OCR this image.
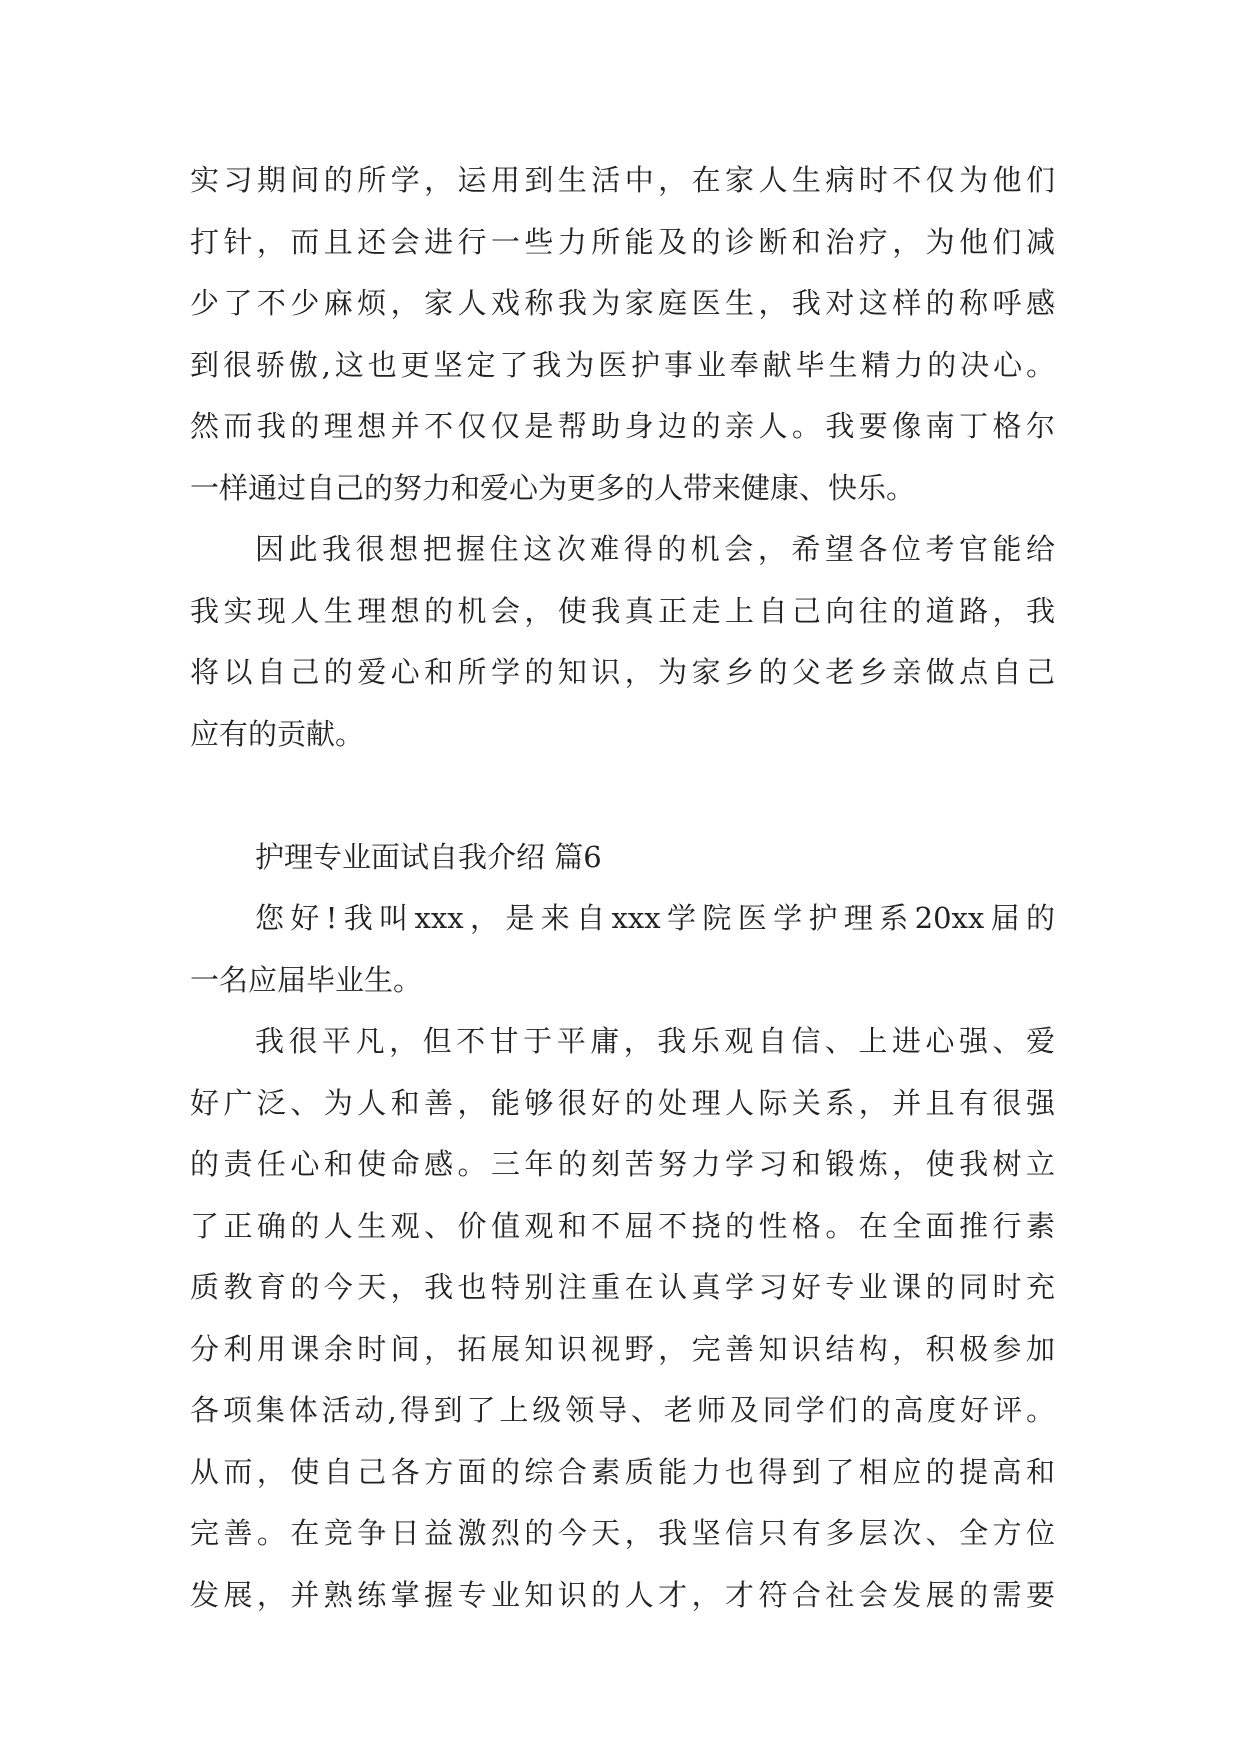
实习期间的所学，运用到生活中，在家人生病时不仅为他们
打针，而且还会进行一些力所能及的诊断和治疗，为他们减
少了不少麻烦，家人戏称我为家庭医生，我对这样的称呼感
到很骄傲,这也更坚定了我为医护事业奉献毕生精力的决心。
然而我的理想并不仅仅是帮助身边的亲人。我要像南丁格尔
一样通过自己的努力和爱心为更多的人带来健康、快乐。
因此我很想把握住这次难得的机会，希望各位考官能给
我实现人生理想的机会，使我真正走上自己向往的道路，我
将以自己的爱心和所学的知识，为家乡的父老乡亲做点自己
应有的贡献。
护理专业面试自我介绍 篇6
您好!我叫xxx，是来自xxx学院医学护理系20xx届的
一名应届毕业生。
我很平凡，但不甘于平庸，我乐观自信、上进心强、爱
好广泛、为人和善，能够很好的处理人际关系，并且有很强
的责任心和使命感。三年的刻苦努力学习和锻炼，使我树立
了正确的人生观、价值观和不屈不挠的性格。在全面推行素
质教育的今天，我也特别注重在认真学习好专业课的同时充
分利用课余时间，拓展知识视野，完善知识结构，积极参加
各项集体活动,得到了上级领导、老师及同学们的高度好评。
从而，使自己各方面的综合素质能力也得到了相应的提高和
完善。在竞争日益激烈的今天，我坚信只有多层次、全方位
发展，并熟练掌握专业知识的人才，才符合社会发展的需要
